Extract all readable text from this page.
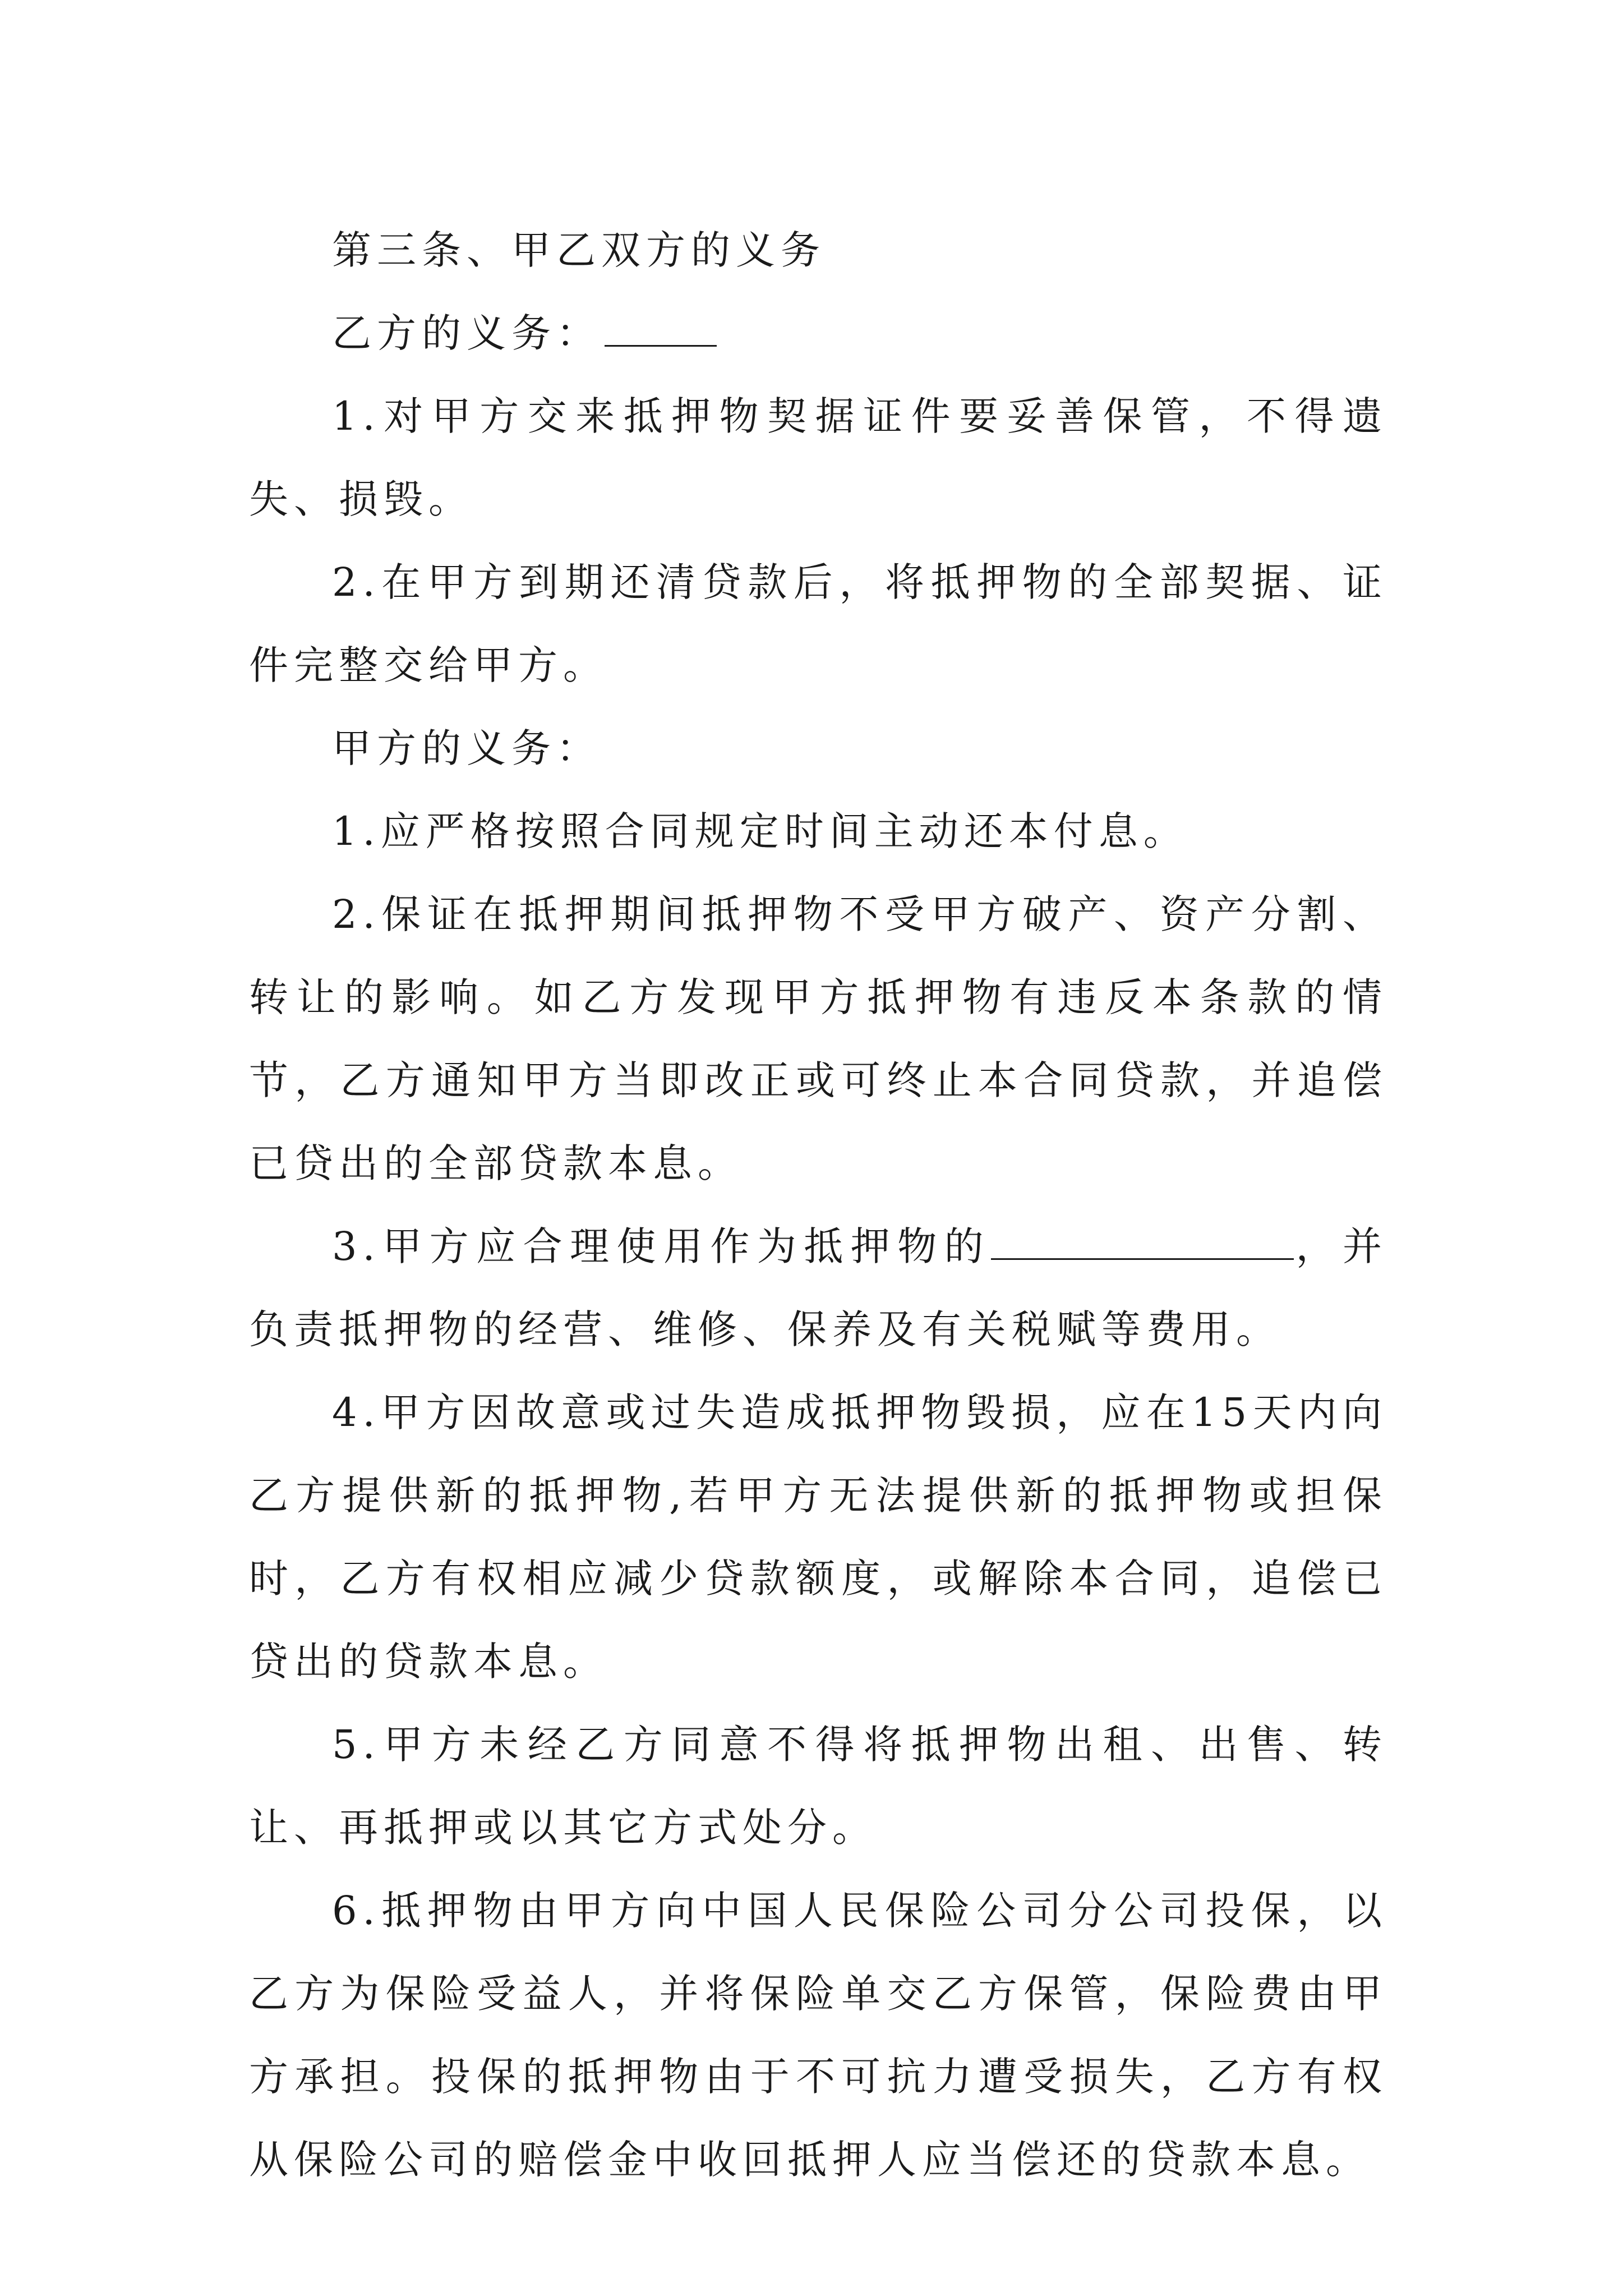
第三条、甲乙双方的义务

乙方的义务：

1.对甲方交来抵押物契据证件要妥善保管，不得遗失、损毁。

2.在甲方到期还清贷款后，将抵押物的全部契据、证件完整交给甲方。

甲方的义务：

1.应严格按照合同规定时间主动还本付息。

2.保证在抵押期间抵押物不受甲方破产、资产分割、转让的影响。如乙方发现甲方抵押物有违反本条款的情节，乙方通知甲方当即改正或可终止本合同贷款，并追偿已贷出的全部贷款本息。

3.甲方应合理使用作为抵押物的	，并负责抵押物的经营、维修、保养及有关税赋等费用。

4.甲方因故意或过失造成抵押物毁损，应在15天内向乙方提供新的抵押物,若甲方无法提供新的抵押物或担保时，乙方有权相应减少贷款额度，或解除本合同，追偿已贷出的贷款本息。

5.甲方未经乙方同意不得将抵押物出租、出售、转让、再抵押或以其它方式处分。

6.抵押物由甲方向中国人民保险公司分公司投保，以乙方为保险受益人，并将保险单交乙方保管，保险费由甲方承担。投保的抵押物由于不可抗力遭受损失，乙方有权从保险公司的赔偿金中收回抵押人应当偿还的贷款本息。
